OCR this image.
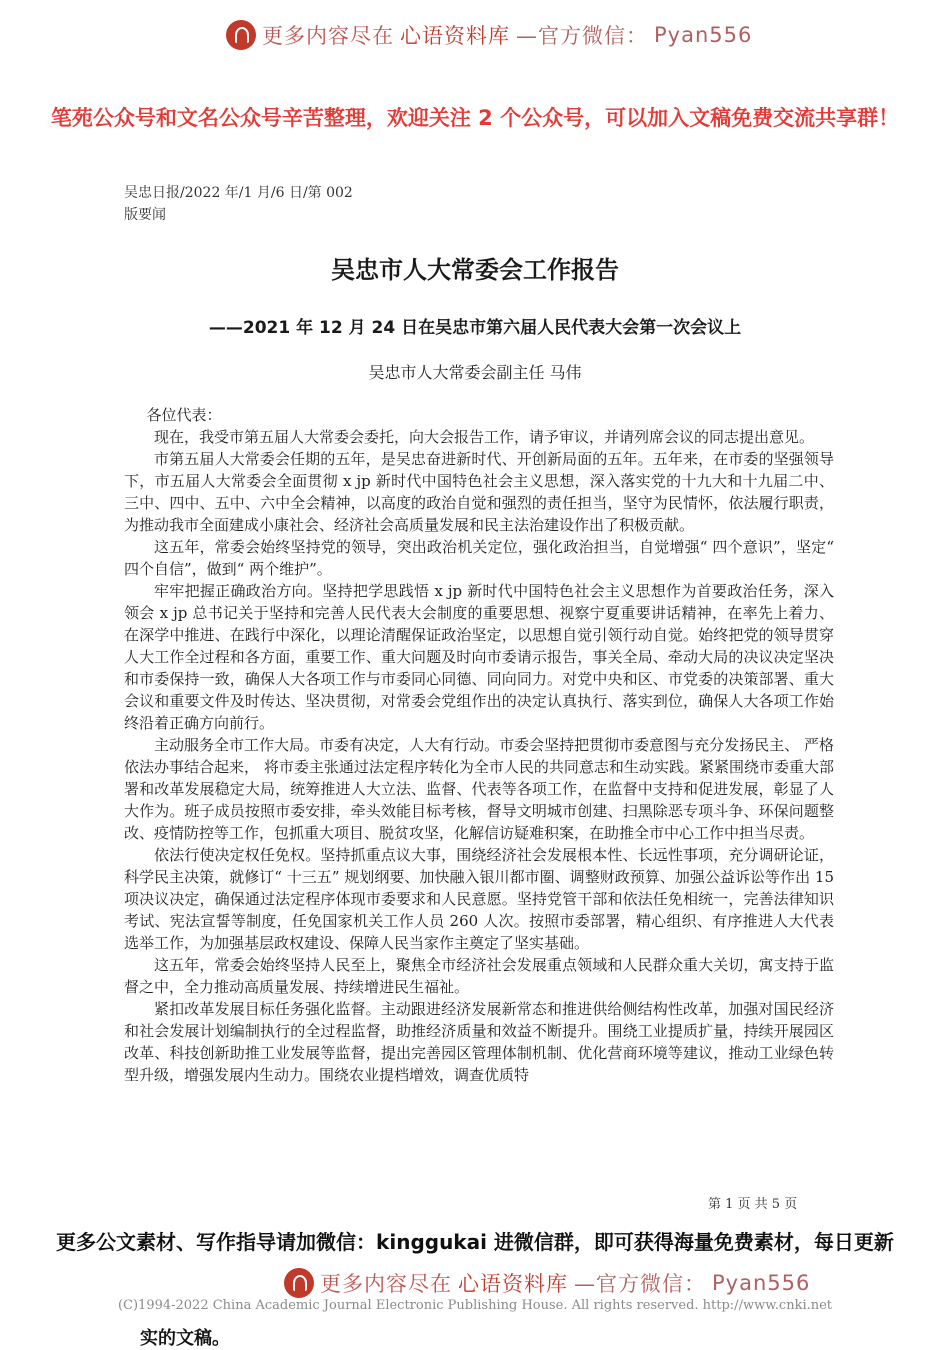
更多内容尽在 心语资料库 —官方微信： Pyan556
笔苑公众号和文名公众号辛苦整理，欢迎关注 2 个公众号，可以加入文稿免费交流共享群！
吴忠日报/2022 年/1 月/6 日/第 002
版要闻
吴忠市人大常委会工作报告
——2021 年 12 月 24 日在吴忠市第六届人民代表大会第一次会议上
吴忠市人大常委会副主任 马伟

各位代表：

现在，我受市第五届人大常委会委托，向大会报告工作，请予审议，并请列席会议的同志提出意见。

市第五届人大常委会任期的五年，是吴忠奋进新时代、开创新局面的五年。五年来，在市委的坚强领导下，市五届人大常委会全面贯彻 x jp 新时代中国特色社会主义思想，深入落实党的十九大和十九届二中、三中、四中、五中、六中全会精神，以高度的政治自觉和强烈的责任担当，坚守为民情怀，依法履行职责，为推动我市全面建成小康社会、经济社会高质量发展和民主法治建设作出了积极贡献。

这五年，常委会始终坚持党的领导，突出政治机关定位，强化政治担当，自觉增强“ 四个意识”，坚定“ 四个自信”，做到“ 两个维护”。

牢牢把握正确政治方向。坚持把学思践悟 x jp 新时代中国特色社会主义思想作为首要政治任务，深入领会 x jp 总书记关于坚持和完善人民代表大会制度的重要思想、视察宁夏重要讲话精神，在率先上着力、在深学中推进、在践行中深化，以理论清醒保证政治坚定，以思想自觉引领行动自觉。始终把党的领导贯穿人大工作全过程和各方面，重要工作、重大问题及时向市委请示报告，事关全局、牵动大局的决议决定坚决和市委保持一致，确保人大各项工作与市委同心同德、同向同力。对党中央和区、市党委的决策部署、重大会议和重要文件及时传达、坚决贯彻，对常委会党组作出的决定认真执行、落实到位，确保人大各项工作始终沿着正确方向前行。

主动服务全市工作大局。市委有决定，人大有行动。市委会坚持把贯彻市委意图与充分发扬民主、 严格依法办事结合起来， 将市委主张通过法定程序转化为全市人民的共同意志和生动实践。紧紧围绕市委重大部署和改革发展稳定大局，统筹推进人大立法、监督、代表等各项工作，在监督中支持和促进发展，彰显了人大作为。班子成员按照市委安排，牵头效能目标考核，督导文明城市创建、扫黑除恶专项斗争、环保问题整改、疫情防控等工作，包抓重大项目、脱贫攻坚，化解信访疑难积案，在助推全市中心工作中担当尽责。

依法行使决定权任免权。坚持抓重点议大事，围绕经济社会发展根本性、长远性事项，充分调研论证，科学民主决策，就修订“ 十三五” 规划纲要、加快融入银川都市圈、调整财政预算、加强公益诉讼等作出 15 项决议决定，确保通过法定程序体现市委要求和人民意愿。坚持党管干部和依法任免相统一，完善法律知识考试、宪法宣誓等制度，任免国家机关工作人员 260 人次。按照市委部署，精心组织、有序推进人大代表选举工作，为加强基层政权建设、保障人民当家作主奠定了坚实基础。

这五年，常委会始终坚持人民至上，聚焦全市经济社会发展重点领域和人民群众重大关切，寓支持于监督之中，全力推动高质量发展、持续增进民生福祉。

紧扣改革发展目标任务强化监督。主动跟进经济发展新常态和推进供给侧结构性改革，加强对国民经济和社会发展计划编制执行的全过程监督，助推经济质量和效益不断提升。围绕工业提质扩量，持续开展园区改革、科技创新助推工业发展等监督，提出完善园区管理体制机制、优化营商环境等建议，推动工业绿色转型升级，增强发展内生动力。围绕农业提档增效，调查优质特

第 1 页 共 5 页
更多公文素材、写作指导请加微信：kinggukai 进微信群，即可获得海量免费素材，每日更新
更多内容尽在 心语资料库 —官方微信： Pyan556
(C)1994-2022 China Academic Journal Electronic Publishing House. All rights reserved. http://www.cnki.net
实的文稿。
